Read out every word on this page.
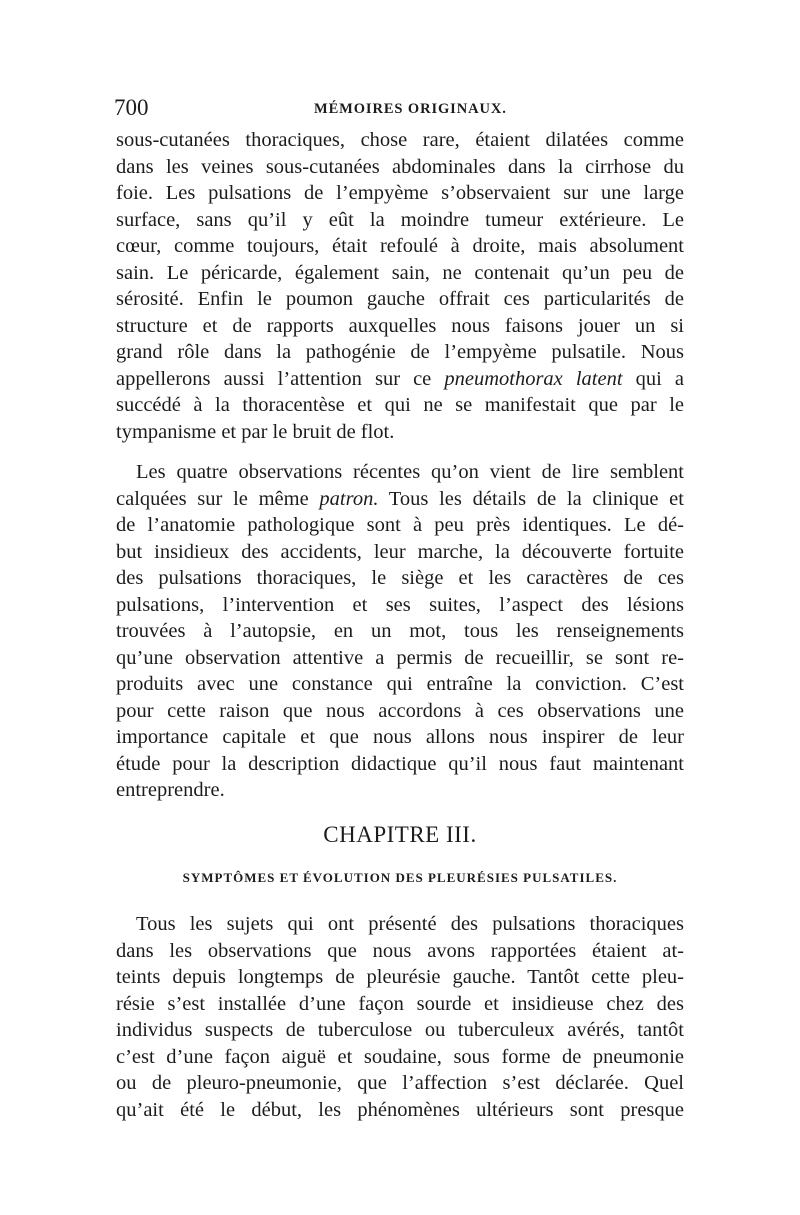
700	MÉMOIRES ORIGINAUX.
sous-cutanées thoraciques, chose rare, étaient dilatées comme
dans les veines sous-cutanées abdominales dans la cirrhose du
foie. Les pulsations de l’empyème s’observaient sur une large
surface, sans qu’il y eût la moindre tumeur extérieure. Le
cœur, comme toujours, était refoulé à droite, mais absolument
sain. Le péricarde, également sain, ne contenait qu’un peu de
sérosité. Enfin le poumon gauche offrait ces particularités de
structure et de rapports auxquelles nous faisons jouer un si
grand rôle dans la pathogénie de l’empyème pulsatile. Nous
appellerons aussi l’attention sur ce pneumothorax latent qui a
succédé à la thoracentèse et qui ne se manifestait que par le
tympanisme et par le bruit de flot.
Les quatre observations récentes qu’on vient de lire semblent
calquées sur le même patron. Tous les détails de la clinique et
de l’anatomie pathologique sont à peu près identiques. Le dé-
but insidieux des accidents, leur marche, la découverte fortuite
des pulsations thoraciques, le siège et les caractères de ces
pulsations, l’intervention et ses suites, l’aspect des lésions
trouvées à l’autopsie, en un mot, tous les renseignements
qu’une observation attentive a permis de recueillir, se sont re-
produits avec une constance qui entraîne la conviction. C’est
pour cette raison que nous accordons à ces observations une
importance capitale et que nous allons nous inspirer de leur
étude pour la description didactique qu’il nous faut maintenant
entreprendre.
CHAPITRE III.
SYMPTÔMES ET ÉVOLUTION DES PLEURÉSIES PULSATILES.
Tous les sujets qui ont présenté des pulsations thoraciques
dans les observations que nous avons rapportées étaient at-
teints depuis longtemps de pleurésie gauche. Tantôt cette pleu-
résie s’est installée d’une façon sourde et insidieuse chez des
individus suspects de tuberculose ou tuberculeux avérés, tantôt
c’est d’une façon aiguë et soudaine, sous forme de pneumonie
ou de pleuro-pneumonie, que l’affection s’est déclarée. Quel
qu’ait été le début, les phénomènes ultérieurs sont presque
